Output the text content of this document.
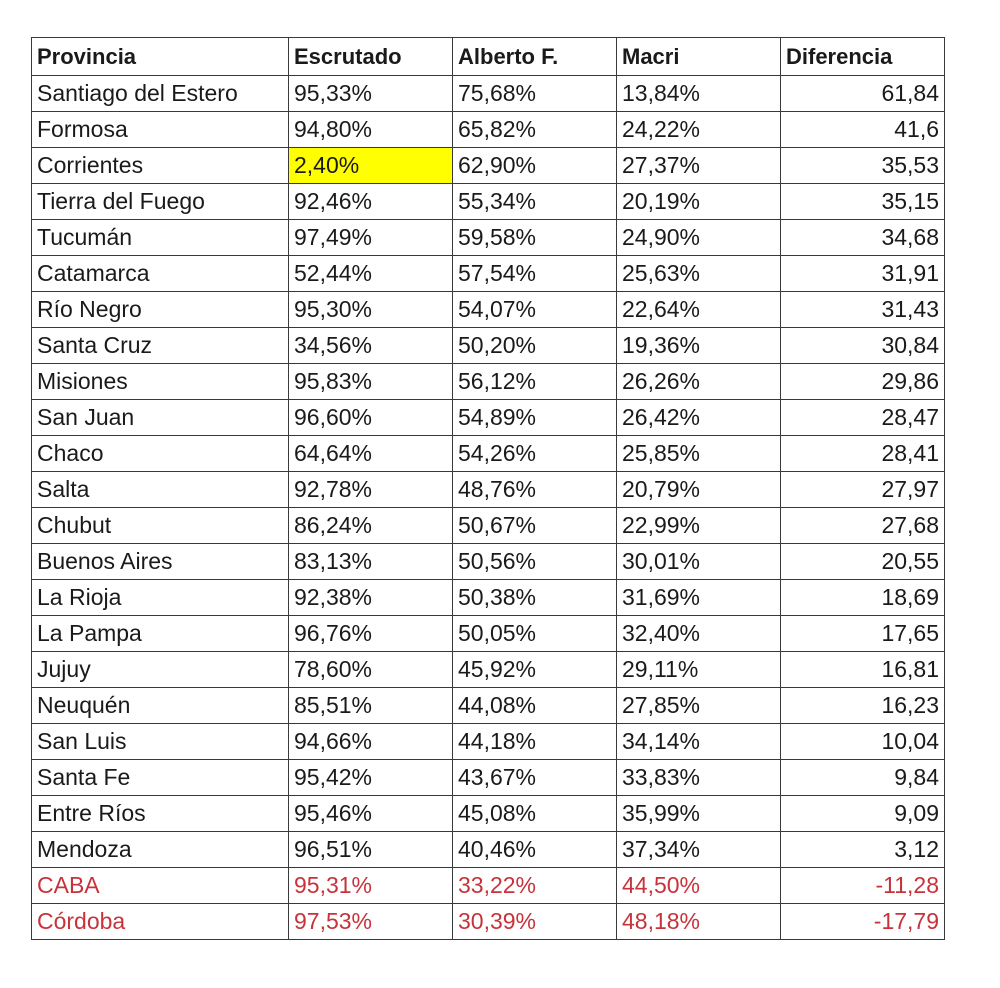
Provincia	Escrutado	Alberto F.	Macri	Diferencia
Santiago del Estero	95,33%	75,68%	13,84%	61,84
Formosa	94,80%	65,82%	24,22%	41,6
Corrientes	2,40%	62,90%	27,37%	35,53
Tierra del Fuego	92,46%	55,34%	20,19%	35,15
Tucumán	97,49%	59,58%	24,90%	34,68
Catamarca	52,44%	57,54%	25,63%	31,91
Río Negro	95,30%	54,07%	22,64%	31,43
Santa Cruz	34,56%	50,20%	19,36%	30,84
Misiones	95,83%	56,12%	26,26%	29,86
San Juan	96,60%	54,89%	26,42%	28,47
Chaco	64,64%	54,26%	25,85%	28,41
Salta	92,78%	48,76%	20,79%	27,97
Chubut	86,24%	50,67%	22,99%	27,68
Buenos Aires	83,13%	50,56%	30,01%	20,55
La Rioja	92,38%	50,38%	31,69%	18,69
La Pampa	96,76%	50,05%	32,40%	17,65
Jujuy	78,60%	45,92%	29,11%	16,81
Neuquén	85,51%	44,08%	27,85%	16,23
San Luis	94,66%	44,18%	34,14%	10,04
Santa Fe	95,42%	43,67%	33,83%	9,84
Entre Ríos	95,46%	45,08%	35,99%	9,09
Mendoza	96,51%	40,46%	37,34%	3,12
CABA	95,31%	33,22%	44,50%	-11,28
Córdoba	97,53%	30,39%	48,18%	-17,79
